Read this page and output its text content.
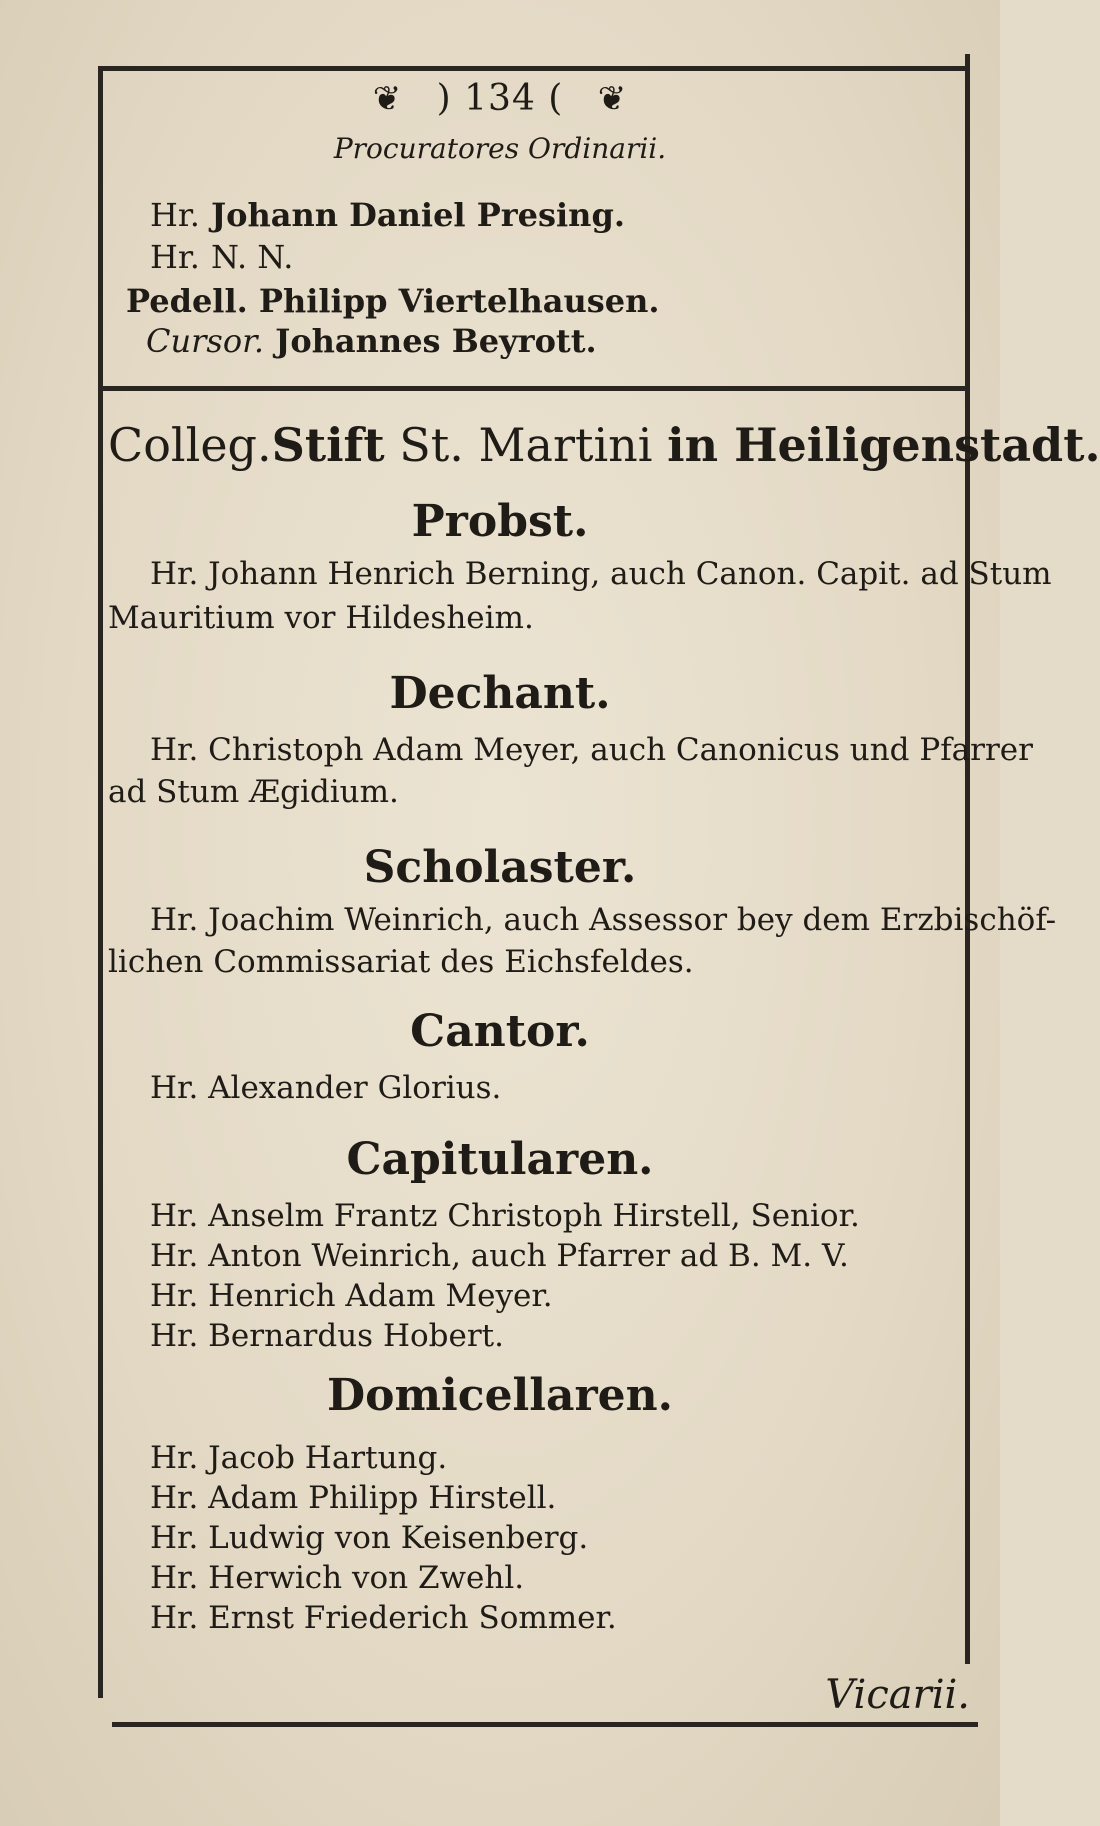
❦ ) 134 ( ❦
Procuratores Ordinarii.
Hr. Johann Daniel Presing.
Hr. N. N.
Pedell. Philipp Viertelhausen.
Cursor. Johannes Beyrott.
Colleg.Stift St. Martini in Heiligenstadt.
Probst.
Hr. Johann Henrich Berning, auch Canon. Capit. ad Stum
Mauritium vor Hildesheim.
Dechant.
Hr. Christoph Adam Meyer, auch Canonicus und Pfarrer
ad Stum Ægidium.
Scholaster.
Hr. Joachim Weinrich, auch Assessor bey dem Erzbischöf-
lichen Commissariat des Eichsfeldes.
Cantor.
Hr. Alexander Glorius.
Capitularen.
Hr. Anselm Frantz Christoph Hirstell, Senior.
Hr. Anton Weinrich, auch Pfarrer ad B. M. V.
Hr. Henrich Adam Meyer.
Hr. Bernardus Hobert.
Domicellaren.
Hr. Jacob Hartung.
Hr. Adam Philipp Hirstell.
Hr. Ludwig von Keisenberg.
Hr. Herwich von Zwehl.
Hr. Ernst Friederich Sommer.
Vicarii.
